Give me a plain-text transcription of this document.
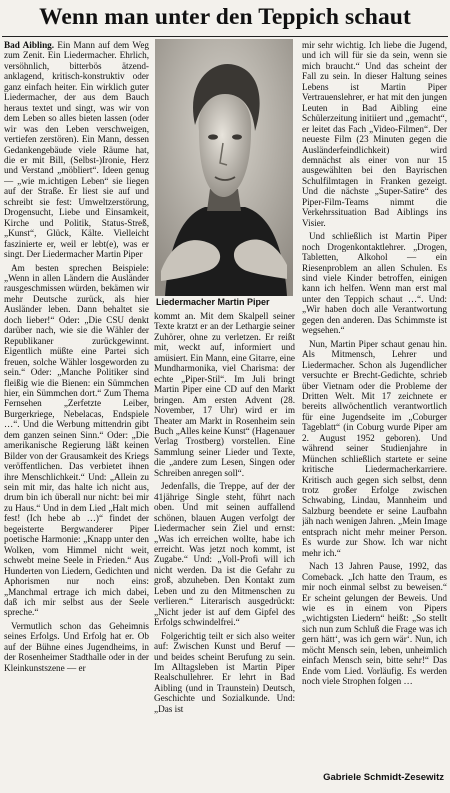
Wenn man unter den Teppich schaut

Bad Aibling. Ein Mann auf dem Weg zum Zenit. Ein Liedermacher. Ehrlich, versöhnlich, bitterbös ätzend-anklagend, kritisch-konstruktiv oder ganz einfach heiter. Ein wirklich guter Liedermacher, der aus dem Bauch heraus textet und singt, was wir von dem Leben so alles bieten lassen (oder wir was den Leben verschweigen, vertiefen zerstören). Ein Mann, dessen Gedankengebäude viele Räume hat, die er mit Bill, (Selbst-)Ironie, Herz und Verstand „möbliert“. Ideen genug — „wie m.ichtigen Leben“ sie liegen auf der Straße. Er liest sie auf und schreibt sie fest: Umweltzerstörung, Drogensucht, Liebe und Einsamkeit, Kirche und Politik, Status-Streß, „Kunst“, Glück, Kälte. Vielleicht faszinierte er, weil er lebt(e), was er singt. Der Liedermacher Martin Piper

Am besten sprechen Beispiele: „Wenn in allen Ländern die Ausländer rausgeschmissen würden, bekämen wir mehr Deutsche zurück, als hier Ausländer leben. Dann behaltet sie doch lieber!“ Oder: „Die CSU denkt darüber nach, wie sie die Wähler der Republikaner zurückgewinnt. Eigentlich müßte eine Partei sich freuen, solche Wähler losgeworden zu sein.“ Oder: „Manche Politiker sind fleißig wie die Bienen: ein Sümmchen hier, ein Sümmchen dort.“ Zum Thema Fernsehen „Zerfetzte Leiber, Burgerkriege, Nebelacas, Endspiele …“. Und die Werbung mittendrin gibt dem ganzen seinen Sinn.“ Oder: „Die amerikanische Regierung läßt keinen Bilder von der Grausamkeit des Kriegs veröffentlichen. Das verbietet ihnen ihre Menschlichkeit.“ Und: „Allein zu sein mit mir, das halte ich nicht aus, drum bin ich überall nur nicht: bei mir zu Haus.“ Und in dem Lied „Halt mich fest! (Ich hebe ab …)“ findet der begeisterte Bergwanderer Piper poetische Harmonie: „Knapp unter den Wolken, vom Himmel nicht weit, schwebt meine Seele in Frieden.“ Aus Hunderten von Liedern, Gedichten und Aphorismen nur noch eins: „Manchmal ertrage ich mich dabei, daß ich mir selbst aus der Seele spreche.“

Vermutlich schon das Geheimnis seines Erfolgs. Und Erfolg hat er. Ob auf der Bühne eines Jugendheims, in der Rosenheimer Stadthalle oder in der Kleinkunstszene — er

Liedermacher Martin Piper

kommt an. Mit dem Skalpell seiner Texte kratzt er an der Lethargie seiner Zuhörer, ohne zu verletzen. Er reißt mit, weckt auf, informiert und amüsiert. Ein Mann, eine Gitarre, eine Mundharmonika, viel Charisma: der echte „Piper-Stil“. Im Juli bringt Martin Piper eine CD auf den Markt bringen. Am ersten Advent (28. November, 17 Uhr) wird er im Theater am Markt in Rosenheim sein Buch „Alles keine Kunst“ (Hagenauer Verlag Trostberg) vorstellen. Eine Sammlung seiner Lieder und Texte, die „andere zum Lesen, Singen oder Schreiben anregen soll“.

Jedenfalls, die Treppe, auf der der 41jährige Single steht, führt nach oben. Und mit seinen auffallend schönen, blauen Augen verfolgt der Liedermacher sein Ziel und ernst: „Was ich erreichen wollte, habe ich erreicht. Was jetzt noch kommt, ist Zugabe.“ Und: „Voll-Profi will ich nicht werden. Da ist die Gefahr zu groß, abzuheben. Den Kontakt zum Leben und zu den Mitmenschen zu verlieren.“ Literarisch ausgedrückt: „Nicht jeder ist auf dem Gipfel des Erfolgs schwindelfrei.“

Folgerichtig teilt er sich also weiter auf: Zwischen Kunst und Beruf — und beides scheint Berufung zu sein. Im Alltagsleben ist Martin Piper Realschullehrer. Er lehrt in Bad Aibling (und in Traunstein) Deutsch, Geschichte und Sozialkunde. Und: „Das ist

mir sehr wichtig. Ich liebe die Jugend, und ich will für sie da sein, wenn sie mich braucht.“ Und das scheint der Fall zu sein. In dieser Haltung seines Lebens ist Martin Piper Vertrauenslehrer, er hat mit den jungen Leuten in Bad Aibling eine Schülerzeitung initiiert und „gemacht“, er leitet das Fach „Video-Filmen“. Der neueste Film (23 Minuten gegen die Ausländerfeindlichkeit) wird demnächst als einer von nur 15 ausgewählten bei den Bayrischen Schulfilmtagen in Franken gezeigt. Und die nächste „Super-Satire“ des Piper-Film-Teams nimmt die Verkehrssituation Bad Aiblings ins Visier.

Und schließlich ist Martin Piper noch Drogenkontaktlehrer. „Drogen, Tabletten, Alkohol — ein Riesenproblem an allen Schulen. Es sind viele Kinder betroffen, einigen kann ich helfen. Wenn man erst mal unter den Teppich schaut …“. Und: „Wir haben doch alle Verantwortung gegen den anderen. Das Schimmste ist wegsehen.“

Nun, Martin Piper schaut genau hin. Als Mitmensch, Lehrer und Liedermacher. Schon als Jugendlicher versuchte er Brecht-Gedichte, schrieb über Vietnam oder die Probleme der Dritten Welt. Mit 17 zeichnete er bereits allwöchentlich verantwortlich für eine Jugendseite im „Coburger Tageblatt“ (in Coburg wurde Piper am 2. August 1952 geboren). Und während seiner Studienjahre in München schließlich startete er seine kritische Liedermacherkarriere. Kritisch auch gegen sich selbst, denn trotz großer Erfolge zwischen Schwabing, Lindau, Mannheim und Salzburg beendete er seine Laufbahn jäh nach wenigen Jahren. „Mein Image entsprach nicht mehr meiner Person. Es wurde zur Show. Ich war nicht mehr ich.“

Nach 13 Jahren Pause, 1992, das Comeback. „Ich hatte den Traum, es mir noch einmal selbst zu beweisen.“ Er scheint gelungen der Beweis. Und wie es in einem von Pipers „wichtigsten Liedern“ heißt: „So stellt sich nun zum Schluß die Frage was ich gern hätt‘, was ich gern wär‘. Nun, ich möcht Mensch sein, leben, unheimlich einfach Mensch sein, bitte sehr!“ Das Ende vom Lied. Vorläufig. Es werden noch viele Strophen folgen …

Gabriele Schmidt-Zesewitz
